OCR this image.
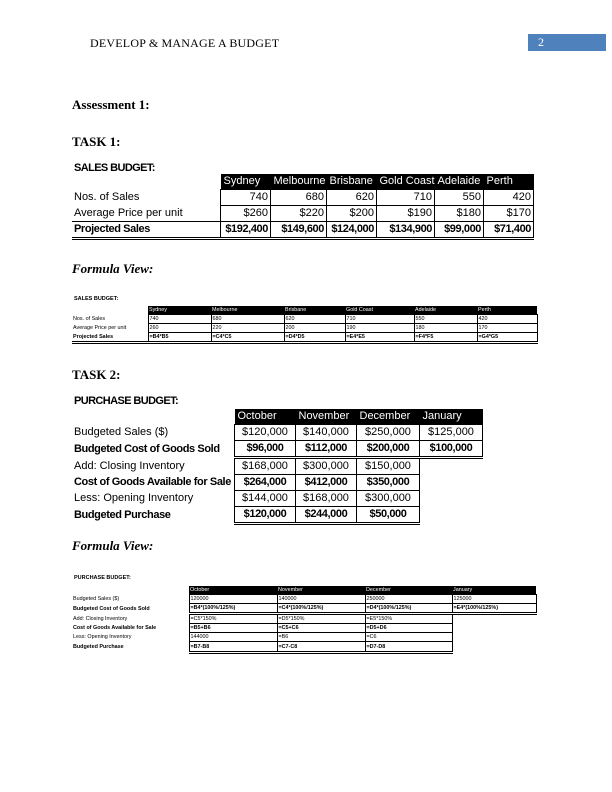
DEVELOP & MANAGE A BUDGET	2
Assessment 1:
TASK 1:
SALES BUDGET:
	Sydney	Melbourne	Brisbane	Gold Coast	Adelaide	Perth
Nos. of Sales	740	680	620	710	550	420
Average Price per unit	$260	$220	$200	$190	$180	$170
Projected Sales	$192,400	$149,600	$124,000	$134,900	$99,000	$71,400
Formula View:
SALES BUDGET:
	Sydney	Melbourne	Brisbane	Gold Coast	Adelaide	Perth
Nos. of Sales	740	680	620	710	550	420
Average Price per unit	260	220	200	190	180	170
Projected Sales	=B4*B5	=C4*C5	=D4*D5	=E4*E5	=F4*F5	=G4*G5
TASK 2:
PURCHASE BUDGET:
	October	November	December	January
Budgeted Sales ($)	$120,000	$140,000	$250,000	$125,000
Budgeted Cost of Goods Sold	$96,000	$112,000	$200,000	$100,000
Add: Closing Inventory	$168,000	$300,000	$150,000	
Cost of Goods Available for Sale	$264,000	$412,000	$350,000	
Less: Opening Inventory	$144,000	$168,000	$300,000	
Budgeted Purchase	$120,000	$244,000	$50,000	
Formula View:
PURCHASE BUDGET:
	October	November	December	January
Budgeted Sales ($)	120000	140000	250000	125000
Budgeted Cost of Goods Sold	=B4*(100%/125%)	=C4*(100%/125%)	=D4*(100%/125%)	=E4*(100%/125%)
Add: Closing Inventory	=C5*150%	=D5*150%	=E5*150%	
Cost of Goods Available for Sale	=B5+B6	=C5+C6	=D5+D6	
Less: Opening Inventory	144000	=B6	=C6	
Budgeted Purchase	=B7-B8	=C7-C8	=D7-D8	
